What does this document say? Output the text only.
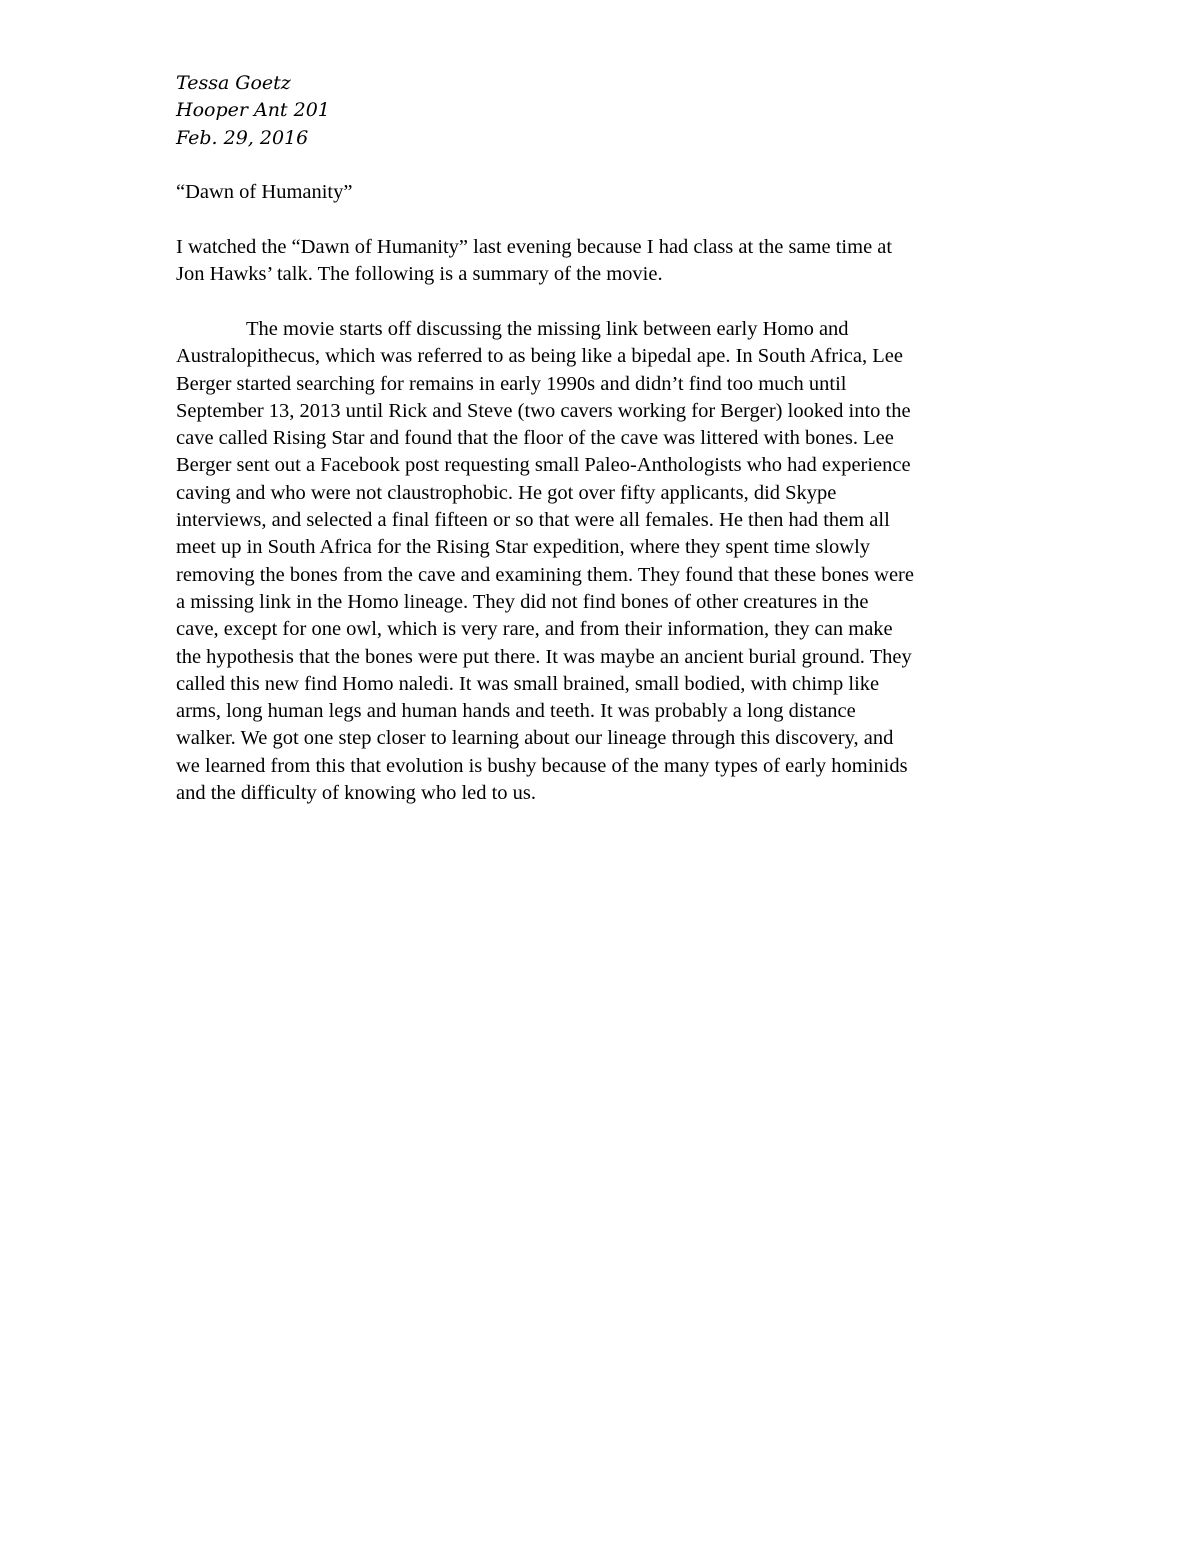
Tessa Goetz
Hooper Ant 201
Feb. 29, 2016
“Dawn of Humanity”
I watched the “Dawn of Humanity” last evening because I had class at the same time at
Jon Hawks’ talk. The following is a summary of the movie.
The movie starts off discussing the missing link between early Homo and
Australopithecus, which was referred to as being like a bipedal ape. In South Africa, Lee
Berger started searching for remains in early 1990s and didn’t find too much until
September 13, 2013 until Rick and Steve (two cavers working for Berger) looked into the
cave called Rising Star and found that the floor of the cave was littered with bones. Lee
Berger sent out a Facebook post requesting small Paleo-Anthologists who had experience
caving and who were not claustrophobic. He got over fifty applicants, did Skype
interviews, and selected a final fifteen or so that were all females. He then had them all
meet up in South Africa for the Rising Star expedition, where they spent time slowly
removing the bones from the cave and examining them. They found that these bones were
a missing link in the Homo lineage. They did not find bones of other creatures in the
cave, except for one owl, which is very rare, and from their information, they can make
the hypothesis that the bones were put there. It was maybe an ancient burial ground. They
called this new find Homo naledi. It was small brained, small bodied, with chimp like
arms, long human legs and human hands and teeth. It was probably a long distance
walker. We got one step closer to learning about our lineage through this discovery, and
we learned from this that evolution is bushy because of the many types of early hominids
and the difficulty of knowing who led to us.
